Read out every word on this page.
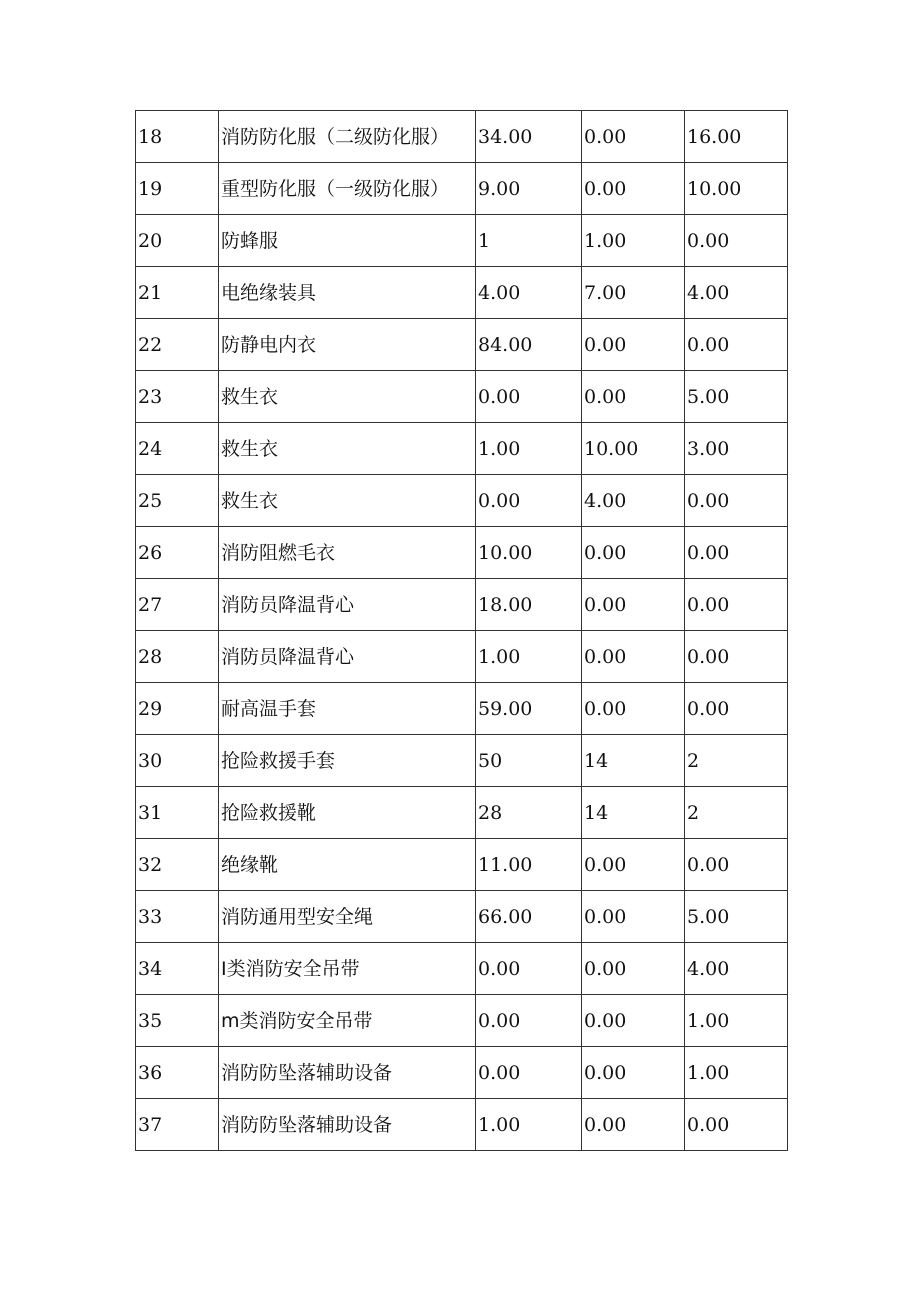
18	消防防化服（二级防化服）	34.00	0.00	16.00
19	重型防化服（一级防化服）	9.00	0.00	10.00
20	防蜂服	1	1.00	0.00
21	电绝缘装具	4.00	7.00	4.00
22	防静电内衣	84.00	0.00	0.00
23	救生衣	0.00	0.00	5.00
24	救生衣	1.00	10.00	3.00
25	救生衣	0.00	4.00	0.00
26	消防阻燃毛衣	10.00	0.00	0.00
27	消防员降温背心	18.00	0.00	0.00
28	消防员降温背心	1.00	0.00	0.00
29	耐高温手套	59.00	0.00	0.00
30	抢险救援手套	50	14	2
31	抢险救援靴	28	14	2
32	绝缘靴	11.00	0.00	0.00
33	消防通用型安全绳	66.00	0.00	5.00
34	I类消防安全吊带	0.00	0.00	4.00
35	m类消防安全吊带	0.00	0.00	1.00
36	消防防坠落辅助设备	0.00	0.00	1.00
37	消防防坠落辅助设备	1.00	0.00	0.00
